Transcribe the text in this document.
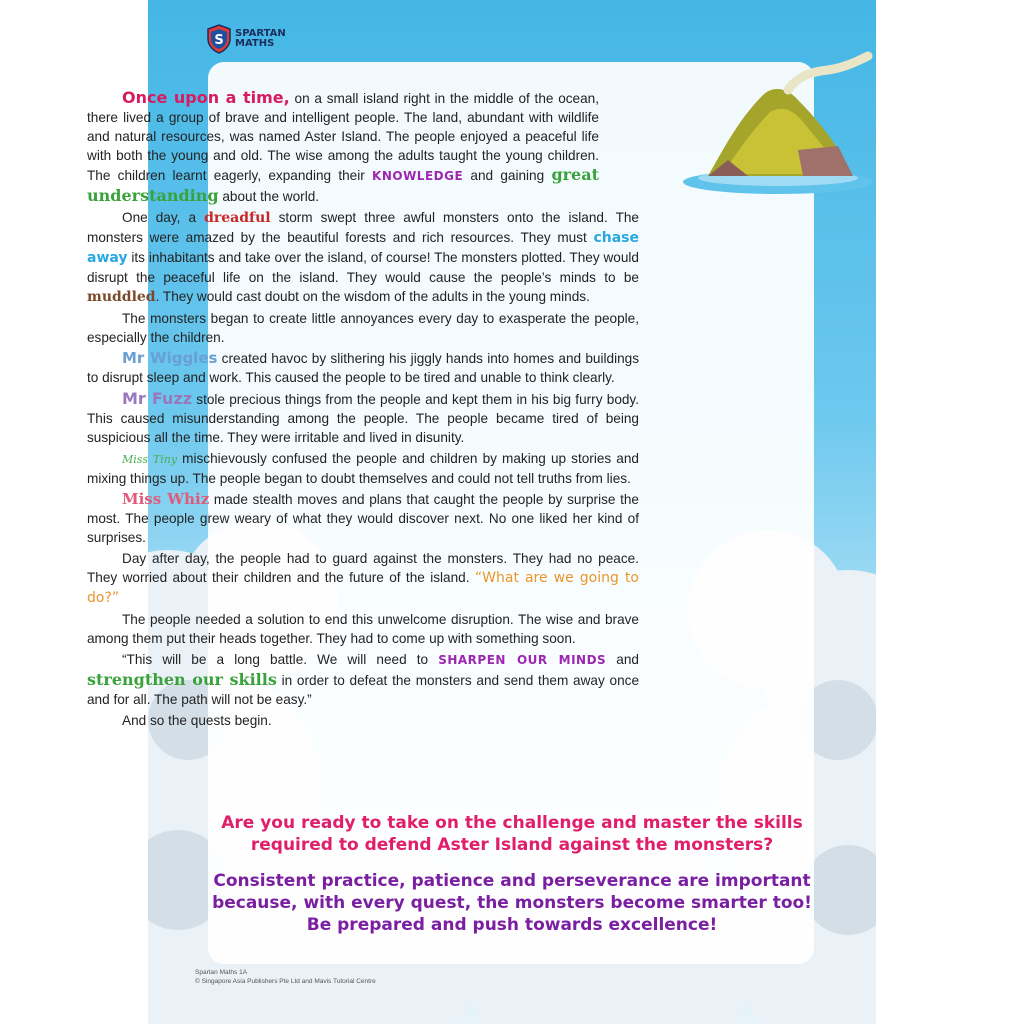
S SPARTAN
MATHS
Spartan Maths 1A
© Singapore Asia Publishers Pte Ltd and Mavis Tutorial Centre

Once upon a time, on a small island right in the middle of the ocean, there lived a group of brave and intelligent people. The land, abundant with wildlife and natural resources, was named Aster Island. The people enjoyed a peaceful life with both the young and old. The wise among the adults taught the young children. The children learnt eagerly, expanding their KNOWLEDGE and gaining great understanding about the world.

One day, a dreadful storm swept three awful monsters onto the island. The monsters were amazed by the beautiful forests and rich resources. They must chase away its inhabitants and take over the island, of course! The monsters plotted. They would disrupt the peaceful life on the island. They would cause the people’s minds to be muddled. They would cast doubt on the wisdom of the adults in the young minds.

The monsters began to create little annoyances every day to exasperate the people, especially the children.

Mr Wiggles created havoc by slithering his jiggly hands into homes and buildings to disrupt sleep and work. This caused the people to be tired and unable to think clearly.

Mr Fuzz stole precious things from the people and kept them in his big furry body. This caused misunderstanding among the people. The people became tired of being suspicious all the time. They were irritable and lived in disunity.

Miss Tiny mischievously confused the people and children by making up stories and mixing things up. The people began to doubt themselves and could not tell truths from lies.

Miss Whiz made stealth moves and plans that caught the people by surprise the most. The people grew weary of what they would discover next. No one liked her kind of surprises.

Day after day, the people had to guard against the monsters. They had no peace. They worried about their children and the future of the island. “What are we going to do?”

The people needed a solution to end this unwelcome disruption. The wise and brave among them put their heads together. They had to come up with something soon.

“This will be a long battle. We will need to SHARPEN OUR MINDS and strengthen our skills in order to defeat the monsters and send them away once and for all. The path will not be easy.”

And so the quests begin.

Are you ready to take on the challenge and master the skills required to defend Aster Island against the monsters?

Consistent practice, patience and perseverance are important because, with every quest, the monsters become smarter too! Be prepared and push towards excellence!
